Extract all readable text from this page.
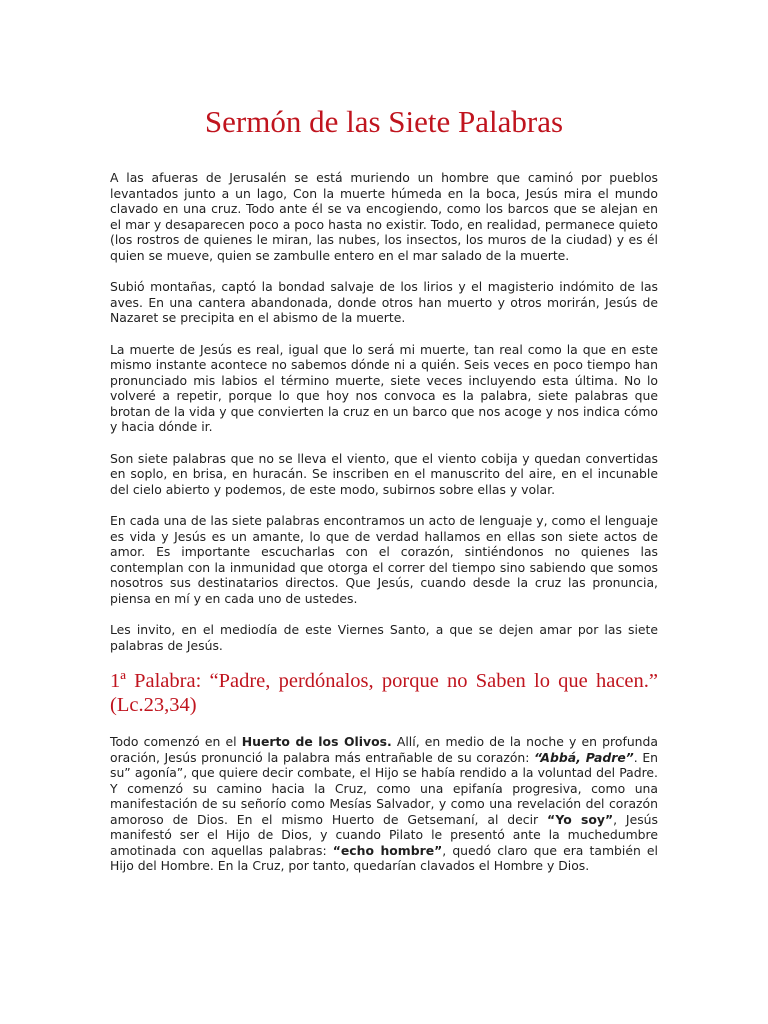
Sermón de las Siete Palabras

A las afueras de Jerusalén se está muriendo un hombre que caminó por pueblos levantados junto a un lago, Con la muerte húmeda en la boca, Jesús mira el mundo clavado en una cruz. Todo ante él se va encogiendo, como los barcos que se alejan en el mar y desaparecen poco a poco hasta no existir. Todo, en realidad, permanece quieto (los rostros de quienes le miran, las nubes, los insectos, los muros de la ciudad) y es él quien se mueve, quien se zambulle entero en el mar salado de la muerte.

Subió montañas, captó la bondad salvaje de los lirios y el magisterio indómito de las aves. En una cantera abandonada, donde otros han muerto y otros morirán, Jesús de Nazaret se precipita en el abismo de la muerte.

La muerte de Jesús es real, igual que lo será mi muerte, tan real como la que en este mismo instante acontece no sabemos dónde ni a quién. Seis veces en poco tiempo han pronunciado mis labios el término muerte, siete veces incluyendo esta última. No lo volveré a repetir, porque lo que hoy nos convoca es la palabra, siete palabras que brotan de la vida y que convierten la cruz en un barco que nos acoge y nos indica cómo y hacia dónde ir.

Son siete palabras que no se lleva el viento, que el viento cobija y quedan convertidas en soplo, en brisa, en huracán. Se inscriben en el manuscrito del aire, en el incunable del cielo abierto y podemos, de este modo, subirnos sobre ellas y volar.

En cada una de las siete palabras encontramos un acto de lenguaje y, como el lenguaje es vida y Jesús es un amante, lo que de verdad hallamos en ellas son siete actos de amor. Es importante escucharlas con el corazón, sintiéndonos no quienes las contemplan con la inmunidad que otorga el correr del tiempo sino sabiendo que somos nosotros sus destinatarios directos. Que Jesús, cuando desde la cruz las pronuncia, piensa en mí y en cada uno de ustedes.

Les invito, en el mediodía de este Viernes Santo, a que se dejen amar por las siete palabras de Jesús.

1ª Palabra: “Padre, perdónalos, porque no Saben lo que hacen.” (Lc.23,34)

Todo comenzó en el Huerto de los Olivos. Allí, en medio de la noche y en profunda oración, Jesús pronunció la palabra más entrañable de su corazón: “Abbá, Padre”. En su” agonía”, que quiere decir combate, el Hijo se había rendido a la voluntad del Padre. Y comenzó su camino hacia la Cruz, como una epifanía progresiva, como una manifestación de su señorío como Mesías Salvador, y como una revelación del corazón amoroso de Dios. En el mismo Huerto de Getsemaní, al decir “Yo soy”, Jesús manifestó ser el Hijo de Dios, y cuando Pilato le presentó ante la muchedumbre amotinada con aquellas palabras: “echo hombre”, quedó claro que era también el Hijo del Hombre. En la Cruz, por tanto, quedarían clavados el Hombre y Dios.
